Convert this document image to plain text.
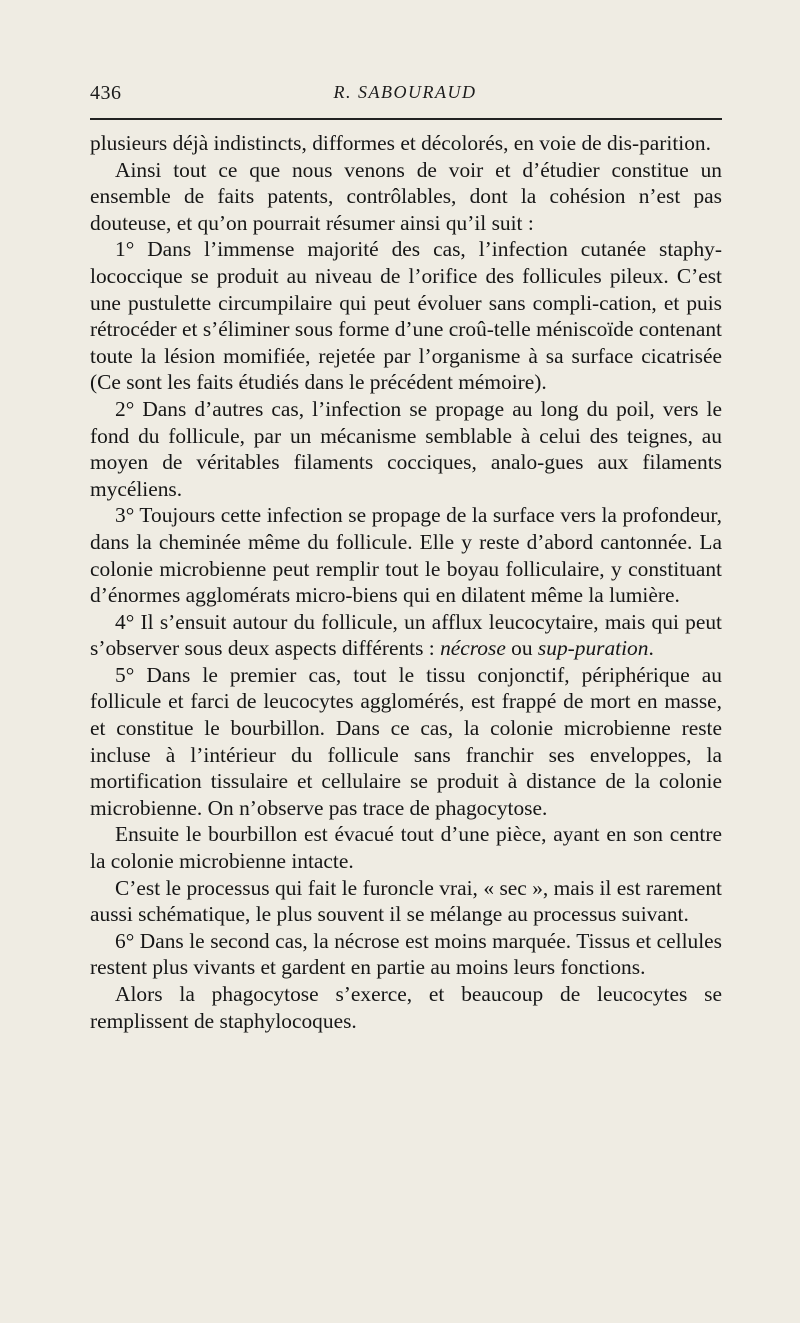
436	R. SABOURAUD

plusieurs déjà indistincts, difformes et décolorés, en voie de dis-parition.

Ainsi tout ce que nous venons de voir et d’étudier constitue un ensemble de faits patents, contrôlables, dont la cohésion n’est pas douteuse, et qu’on pourrait résumer ainsi qu’il suit :

1° Dans l’immense majorité des cas, l’infection cutanée staphy-lococcique se produit au niveau de l’orifice des follicules pileux. C’est une pustulette circumpilaire qui peut évoluer sans compli-cation, et puis rétrocéder et s’éliminer sous forme d’une croû-telle méniscoïde contenant toute la lésion momifiée, rejetée par l’organisme à sa surface cicatrisée (Ce sont les faits étudiés dans le précédent mémoire).

2° Dans d’autres cas, l’infection se propage au long du poil, vers le fond du follicule, par un mécanisme semblable à celui des teignes, au moyen de véritables filaments cocciques, analo-gues aux filaments mycéliens.

3° Toujours cette infection se propage de la surface vers la profondeur, dans la cheminée même du follicule. Elle y reste d’abord cantonnée. La colonie microbienne peut remplir tout le boyau folliculaire, y constituant d’énormes agglomérats micro-biens qui en dilatent même la lumière.

4° Il s’ensuit autour du follicule, un afflux leucocytaire, mais qui peut s’observer sous deux aspects différents : nécrose ou sup-puration.

5° Dans le premier cas, tout le tissu conjonctif, périphérique au follicule et farci de leucocytes agglomérés, est frappé de mort en masse, et constitue le bourbillon. Dans ce cas, la colonie microbienne reste incluse à l’intérieur du follicule sans franchir ses enveloppes, la mortification tissulaire et cellulaire se produit à distance de la colonie microbienne. On n’observe pas trace de phagocytose.

Ensuite le bourbillon est évacué tout d’une pièce, ayant en son centre la colonie microbienne intacte.

C’est le processus qui fait le furoncle vrai, « sec », mais il est rarement aussi schématique, le plus souvent il se mélange au processus suivant.

6° Dans le second cas, la nécrose est moins marquée. Tissus et cellules restent plus vivants et gardent en partie au moins leurs fonctions.

Alors la phagocytose s’exerce, et beaucoup de leucocytes se remplissent de staphylocoques.
